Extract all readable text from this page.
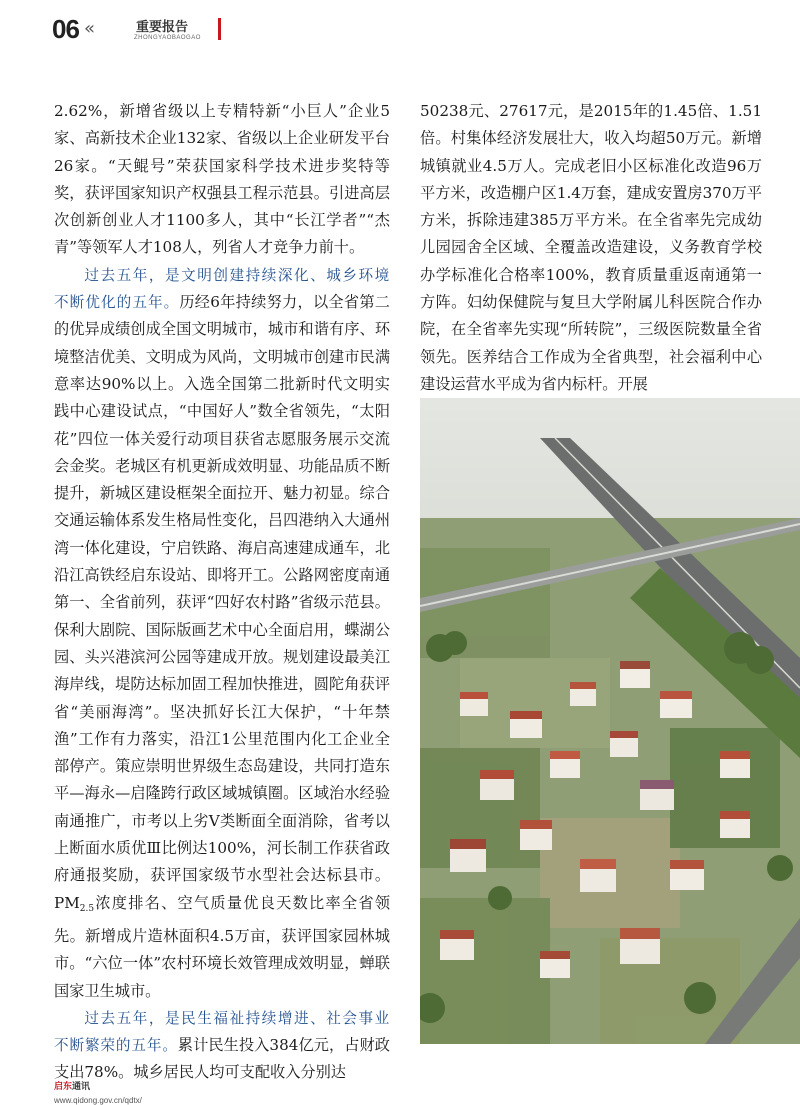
06 «	重要报告
ZHONGYAOBAOGAO

2.62%，新增省级以上专精特新“小巨人”企业5家、高新技术企业132家、省级以上企业研发平台26家。“天鲲号”荣获国家科学技术进步奖特等奖，获评国家知识产权强县工程示范县。引进高层次创新创业人才1100多人，其中“长江学者”“杰青”等领军人才108人，列省人才竞争力前十。

过去五年，是文明创建持续深化、城乡环境不断优化的五年。历经6年持续努力，以全省第二的优异成绩创成全国文明城市，城市和谐有序、环境整洁优美、文明成为风尚，文明城市创建市民满意率达90%以上。入选全国第二批新时代文明实践中心建设试点，“中国好人”数全省领先，“太阳花”四位一体关爱行动项目获省志愿服务展示交流会金奖。老城区有机更新成效明显、功能品质不断提升，新城区建设框架全面拉开、魅力初显。综合交通运输体系发生格局性变化，吕四港纳入大通州湾一体化建设，宁启铁路、海启高速建成通车，北沿江高铁经启东设站、即将开工。公路网密度南通第一、全省前列，获评“四好农村路”省级示范县。保利大剧院、国际版画艺术中心全面启用，蝶湖公园、头兴港滨河公园等建成开放。规划建设最美江海岸线，堤防达标加固工程加快推进，圆陀角获评省“美丽海湾”。坚决抓好长江大保护，“十年禁渔”工作有力落实，沿江1公里范围内化工企业全部停产。策应崇明世界级生态岛建设，共同打造东平—海永—启隆跨行政区域城镇圈。区域治水经验南通推广，市考以上劣Ⅴ类断面全面消除，省考以上断面水质优Ⅲ比例达100%，河长制工作获省政府通报奖励，获评国家级节水型社会达标县市。$PM_{2.5}$浓度排名、空气质量优良天数比率全省领先。新增成片造林面积4.5万亩，获评国家园林城市。“六位一体”农村环境长效管理成效明显，蝉联国家卫生城市。

过去五年，是民生福祉持续增进、社会事业不断繁荣的五年。累计民生投入384亿元，占财政支出78%。城乡居民人均可支配收入分别达

50238元、27617元，是2015年的1.45倍、1.51倍。村集体经济发展壮大，收入均超50万元。新增城镇就业4.5万人。完成老旧小区标准化改造96万平方米，改造棚户区1.4万套，建成安置房370万平方米，拆除违建385万平方米。在全省率先完成幼儿园园舍全区域、全覆盖改造建设，义务教育学校办学标准化合格率100%，教育质量重返南通第一方阵。妇幼保健院与复旦大学附属儿科医院合作办院，在全省率先实现“所转院”，三级医院数量全省领先。医养结合工作成为全省典型，社会福利中心建设运营水平成为省内标杆。开展

启东通讯
www.qidong.gov.cn/qdtx/
